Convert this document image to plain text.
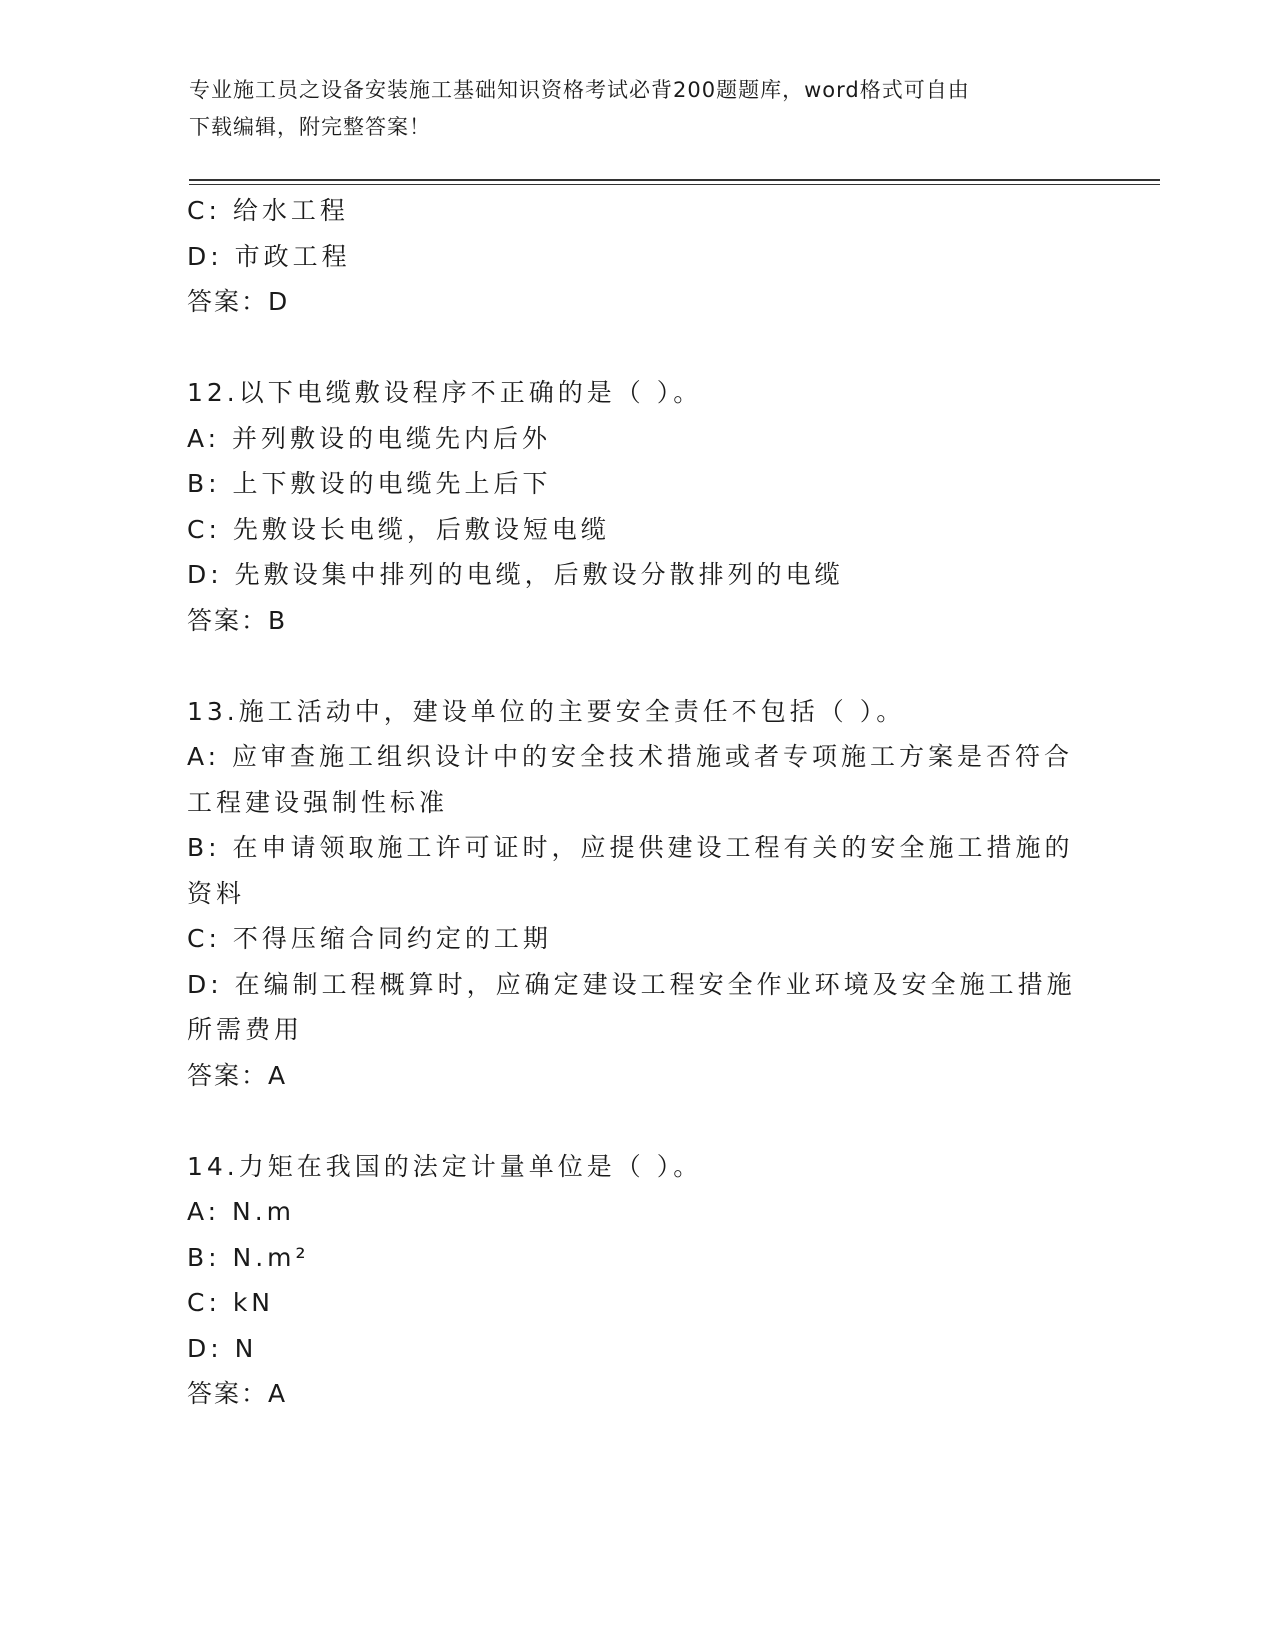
专业施工员之设备安装施工基础知识资格考试必背200题题库，word格式可自由
下载编辑，附完整答案！
C: 给水工程
D: 市政工程
答案：D
12.以下电缆敷设程序不正确的是（ ）。
A: 并列敷设的电缆先内后外
B: 上下敷设的电缆先上后下
C: 先敷设长电缆，后敷设短电缆
D: 先敷设集中排列的电缆，后敷设分散排列的电缆
答案：B
13.施工活动中，建设单位的主要安全责任不包括（ ）。
A: 应审查施工组织设计中的安全技术措施或者专项施工方案是否符合
工程建设强制性标准
B: 在申请领取施工许可证时，应提供建设工程有关的安全施工措施的
资料
C: 不得压缩合同约定的工期
D: 在编制工程概算时，应确定建设工程安全作业环境及安全施工措施
所需费用
答案：A
14.力矩在我国的法定计量单位是（ ）。
A: N.m
B: N.m²
C: kN
D: N
答案：A
